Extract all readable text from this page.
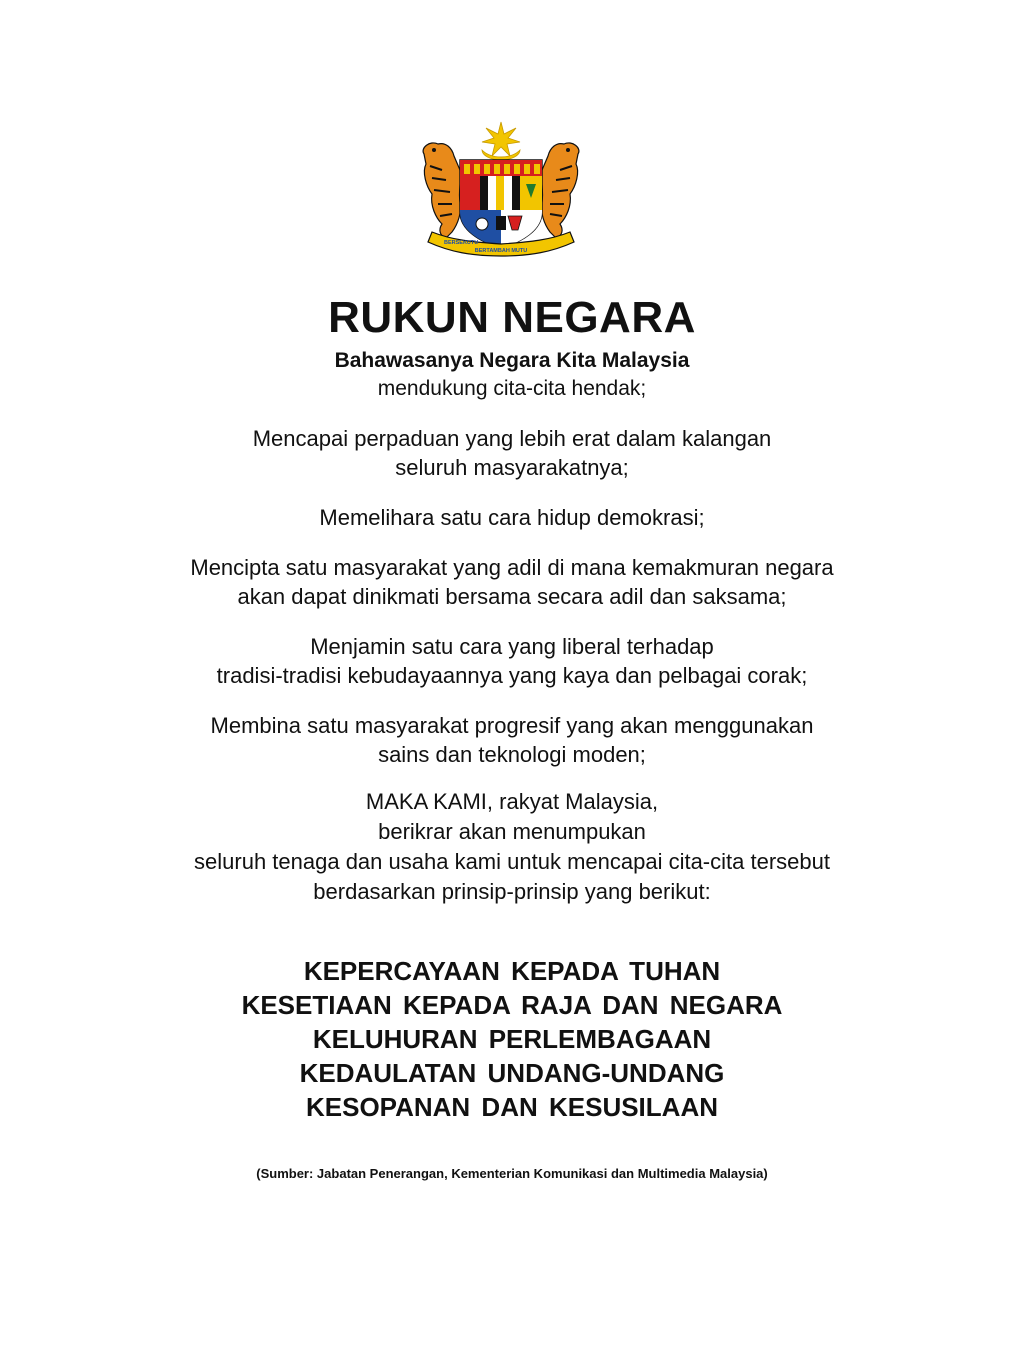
BERSEKUTU
BERTAMBAH MUTU
RUKUN NEGARA
Bahawasanya Negara Kita Malaysia
mendukung cita-cita hendak;

Mencapai perpaduan yang lebih erat dalam kalangan
seluruh masyarakatnya;

Memelihara satu cara hidup demokrasi;

Mencipta satu masyarakat yang adil di mana kemakmuran negara
akan dapat dinikmati bersama secara adil dan saksama;

Menjamin satu cara yang liberal terhadap
tradisi-tradisi kebudayaannya yang kaya dan pelbagai corak;

Membina satu masyarakat progresif yang akan menggunakan
sains dan teknologi moden;

MAKA KAMI, rakyat Malaysia,
berikrar akan menumpukan
seluruh tenaga dan usaha kami untuk mencapai cita-cita tersebut
berdasarkan prinsip-prinsip yang berikut:
KEPERCAYAAN KEPADA TUHAN
KESETIAAN KEPADA RAJA DAN NEGARA
KELUHURAN PERLEMBAGAAN
KEDAULATAN UNDANG-UNDANG
KESOPANAN DAN KESUSILAAN
(Sumber: Jabatan Penerangan, Kementerian Komunikasi dan Multimedia Malaysia)
